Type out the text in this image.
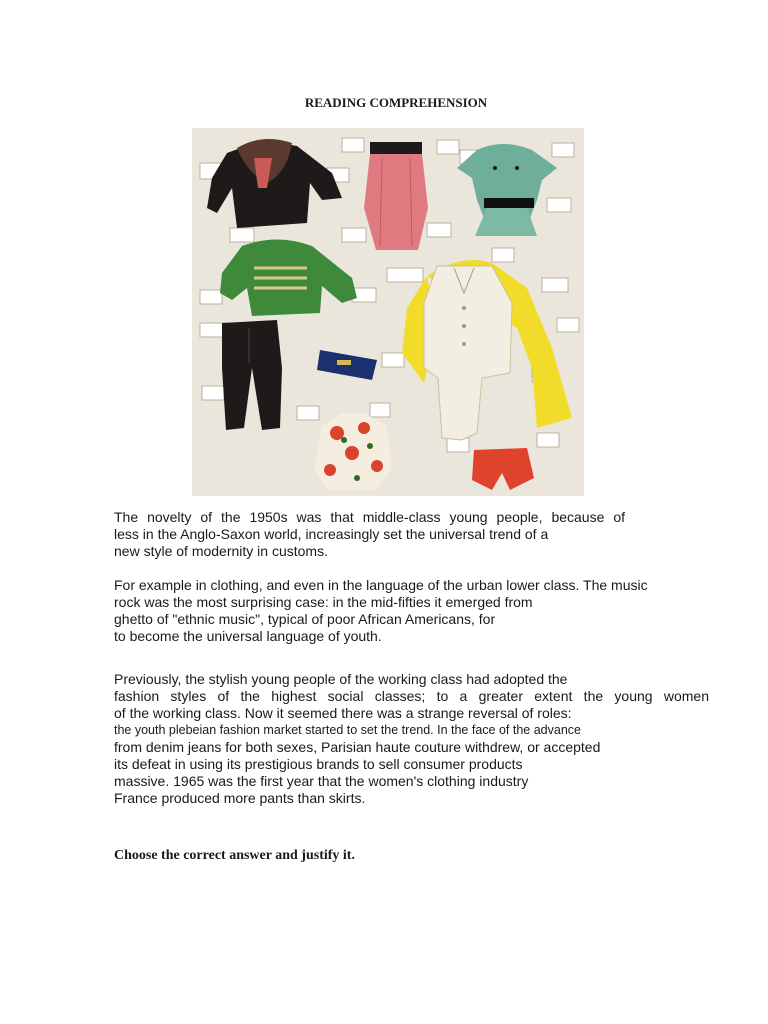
READING COMPREHENSION
The novelty of the 1950s was that middle-class young people, because of
less in the Anglo-Saxon world, increasingly set the universal trend of a
new style of modernity in customs.
For example in clothing, and even in the language of the urban lower class. The music
rock was the most surprising case: in the mid-fifties it emerged from
ghetto of "ethnic music", typical of poor African Americans, for
to become the universal language of youth.
Previously, the stylish young people of the working class had adopted the
fashion styles of the highest social classes; to a greater extent the young women
of the working class. Now it seemed there was a strange reversal of roles:
the youth plebeian fashion market started to set the trend. In the face of the advance
from denim jeans for both sexes, Parisian haute couture withdrew, or accepted
its defeat in using its prestigious brands to sell consumer products
massive. 1965 was the first year that the women's clothing industry
France produced more pants than skirts.
Choose the correct answer and justify it.
